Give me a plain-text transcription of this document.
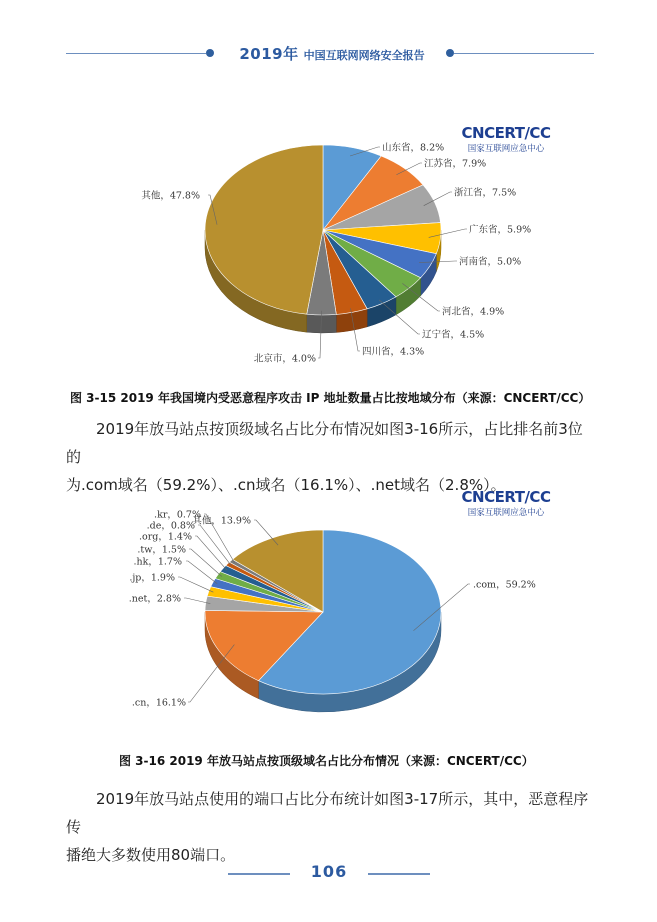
2019年 中国互联网网络安全报告
CNCERT/CC
国家互联网应急中心
山东省，8.2%
江苏省，7.9%
浙江省，7.5%
广东省，5.9%
河南省，5.0%
河北省，4.9%
辽宁省，4.5%
四川省，4.3%
北京市，4.0%
其他，47.8%
图 3-15 2019 年我国境内受恶意程序攻击 IP 地址数量占比按地域分布（来源：CNCERT/CC）

2019年放马站点按顶级域名占比分布情况如图3-16所示，占比排名前3位的

为.com域名（59.2%）、.cn域名（16.1%）、.net域名（2.8%）。

CNCERT/CC
国家互联网应急中心
.com，59.2%
.cn，16.1%
.net，2.8%
.jp，1.9%
.hk，1.7%
.tw，1.5%
.org，1.4%
.de，0.8%
.kr，0.7%
其他，13.9%
图 3-16 2019 年放马站点按顶级域名占比分布情况（来源：CNCERT/CC）

2019年放马站点使用的端口占比分布统计如图3-17所示，其中，恶意程序传

播绝大多数使用80端口。

106
